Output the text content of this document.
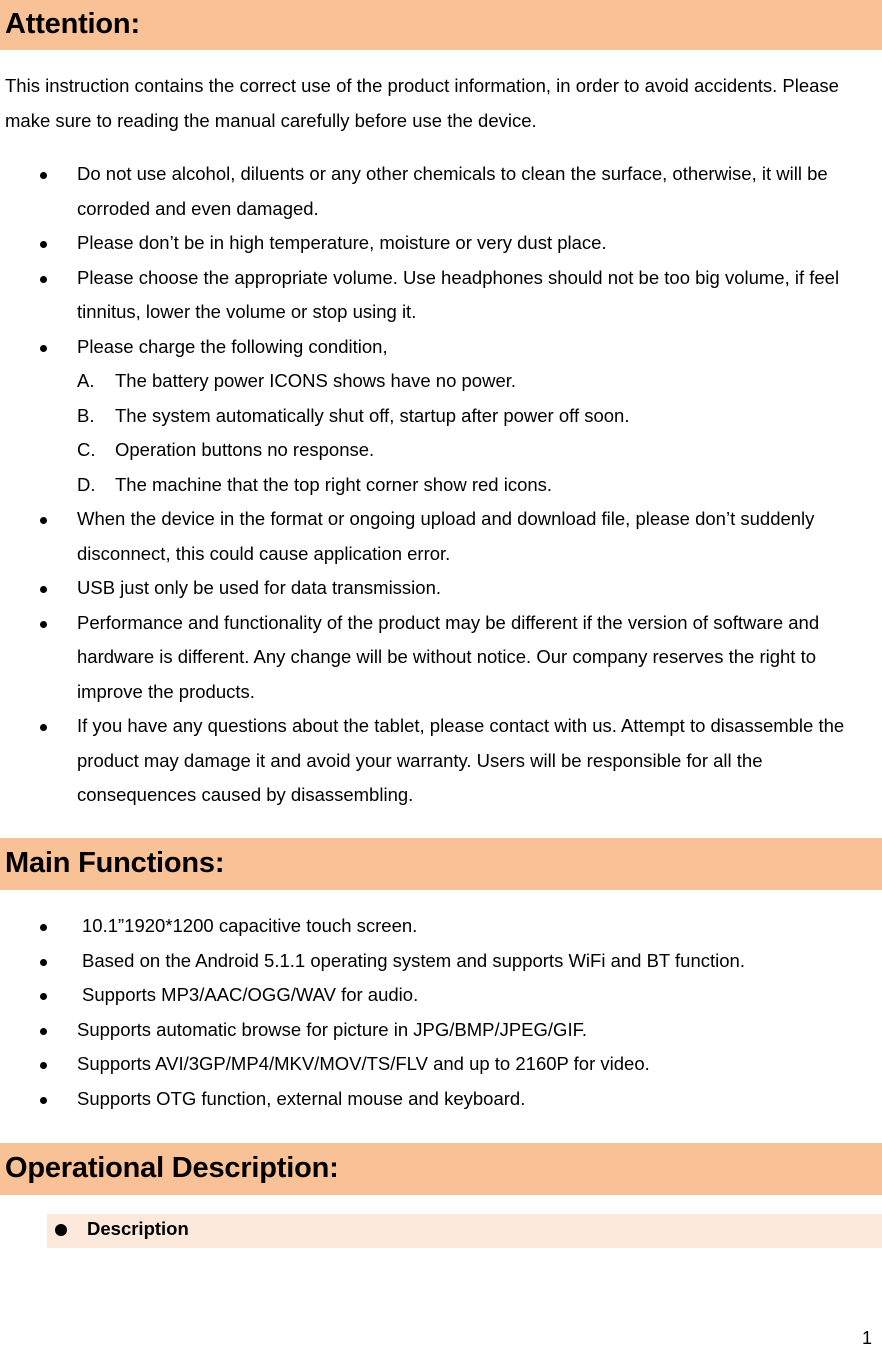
Attention:
This instruction contains the correct use of the product information, in order to avoid accidents. Please make sure to reading the manual carefully before use the device.
Do not use alcohol, diluents or any other chemicals to clean the surface, otherwise, it will be corroded and even damaged.
Please don’t be in high temperature, moisture or very dust place.
Please choose the appropriate volume. Use headphones should not be too big volume, if feel tinnitus, lower the volume or stop using it.
Please charge the following condition,
A. The battery power ICONS shows have no power.
B. The system automatically shut off, startup after power off soon.
C. Operation buttons no response.
D. The machine that the top right corner show red icons.
When the device in the format or ongoing upload and download file, please don’t suddenly disconnect, this could cause application error.
USB just only be used for data transmission.
Performance and functionality of the product may be different if the version of software and hardware is different. Any change will be without notice. Our company reserves the right to improve the products.
If you have any questions about the tablet, please contact with us. Attempt to disassemble the product may damage it and avoid your warranty. Users will be responsible for all the consequences caused by disassembling.
Main Functions:
10.1”1920*1200 capacitive touch screen.
Based on the Android 5.1.1 operating system and supports WiFi and BT function.
Supports MP3/AAC/OGG/WAV for audio.
Supports automatic browse for picture in JPG/BMP/JPEG/GIF.
Supports AVI/3GP/MP4/MKV/MOV/TS/FLV and up to 2160P for video.
Supports OTG function, external mouse and keyboard.
Operational Description:
Description
1
